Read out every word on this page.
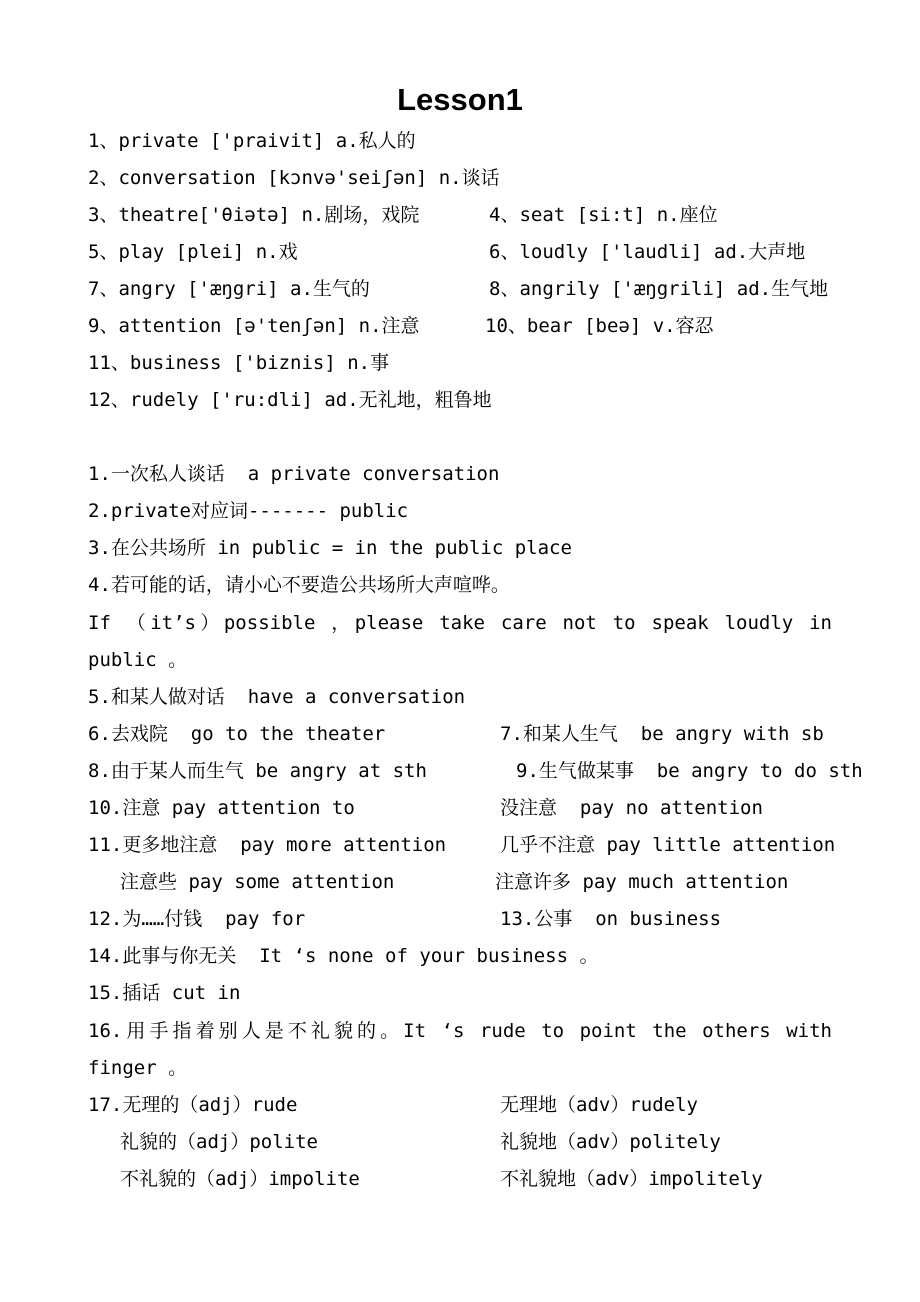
Lesson1
1、private ['praivit] a.私人的
2、conversation [kɔnvə'seiʃən] n.谈话
3、theatre['θiətə] n.剧场，戏院	4、seat [si:t] n.座位
5、play [plei] n.戏	6、loudly ['laudli] ad.大声地
7、angry ['æŋgri] a.生气的	8、angrily ['æŋgrili] ad.生气地
9、attention [ə'tenʃən] n.注意	10、bear [beə] v.容忍
11、business ['biznis] n.事
12、rudely ['ru:dli] ad.无礼地，粗鲁地
1.一次私人谈话  a private conversation
2.private对应词------- public
3.在公共场所 in public = in the public place
4.若可能的话，请小心不要造公共场所大声喧哗。
If （it’s）possible ，please take care not to speak loudly in
public 。
5.和某人做对话  have a conversation
6.去戏院  go to the theater	7.和某人生气  be angry with sb
8.由于某人而生气 be angry at sth	9.生气做某事  be angry to do sth
10.注意 pay attention to	没注意  pay no attention
11.更多地注意  pay more attention	几乎不注意 pay little attention
注意些 pay some attention	注意许多 pay much attention
12.为……付钱  pay for	13.公事  on business
14.此事与你无关  It ‘s none of your business 。
15.插话 cut in
16.用手指着别人是不礼貌的。It ‘s rude to point the others with
finger 。
17.无理的（adj）rude	无理地（adv）rudely
礼貌的（adj）polite	礼貌地（adv）politely
不礼貌的（adj）impolite	不礼貌地（adv）impolitely
